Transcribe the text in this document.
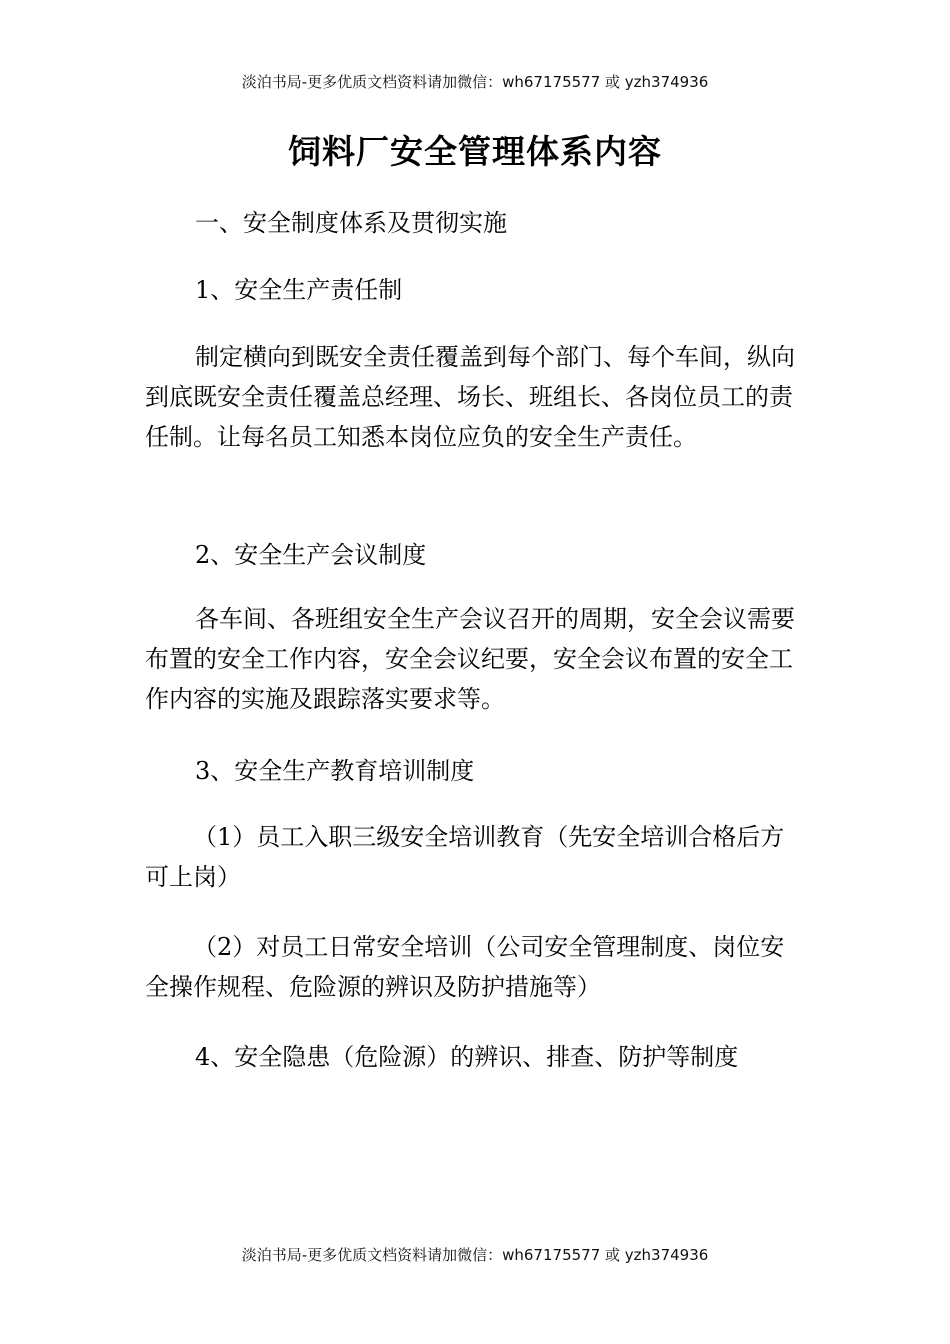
淡泊书局-更多优质文档资料请加微信：wh67175577 或 yzh374936
饲料厂安全管理体系内容

一、安全制度体系及贯彻实施

1、安全生产责任制

制定横向到既安全责任覆盖到每个部门、每个车间，纵向到底既安全责任覆盖总经理、场长、班组长、各岗位员工的责任制。让每名员工知悉本岗位应负的安全生产责任。

2、安全生产会议制度

各车间、各班组安全生产会议召开的周期，安全会议需要布置的安全工作内容，安全会议纪要，安全会议布置的安全工作内容的实施及跟踪落实要求等。

3、安全生产教育培训制度

（1）员工入职三级安全培训教育（先安全培训合格后方可上岗）

（2）对员工日常安全培训（公司安全管理制度、岗位安全操作规程、危险源的辨识及防护措施等）

4、安全隐患（危险源）的辨识、排查、防护等制度

淡泊书局-更多优质文档资料请加微信：wh67175577 或 yzh374936
